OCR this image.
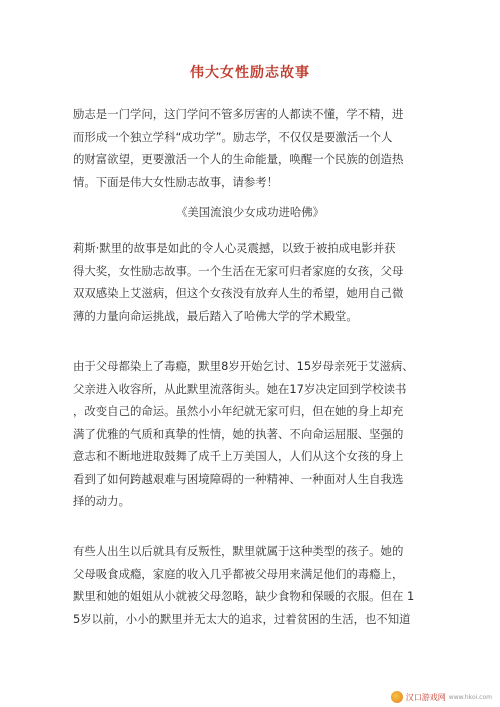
伟大女性励志故事

励志是一门学问，这门学问不管多厉害的人都读不懂，学不精，进
而形成一个独立学科“成功学”。励志学，不仅仅是要激活一个人
的财富欲望，更要激活一个人的生命能量，唤醒一个民族的创造热
情。下面是伟大女性励志故事，请参考！

《美国流浪少女成功进哈佛》

莉斯·默里的故事是如此的令人心灵震撼，以致于被拍成电影并获
得大奖，女性励志故事。一个生活在无家可归者家庭的女孩，父母
双双感染上艾滋病，但这个女孩没有放弃人生的希望，她用自己微
薄的力量向命运挑战，最后踏入了哈佛大学的学术殿堂。

由于父母都染上了毒瘾，默里8岁开始乞讨、15岁母亲死于艾滋病、
父亲进入收容所，从此默里流落街头。她在17岁决定回到学校读书
，改变自己的命运。虽然小小年纪就无家可归，但在她的身上却充
满了优雅的气质和真挚的性情，她的执著、不向命运屈服、坚强的
意志和不断地进取鼓舞了成千上万美国人，人们从这个女孩的身上
看到了如何跨越艰难与困境障碍的一种精神、一种面对人生自我选
择的动力。

有些人出生以后就具有反叛性，默里就属于这种类型的孩子。她的
父母吸食成瘾，家庭的收入几乎都被父母用来满足他们的毒瘾上，
默里和她的姐姐从小就被父母忽略，缺少食物和保暖的衣服。但在 1
5岁以前，小小的默里并无太大的追求，过着贫困的生活，也不知道

汉口游戏网 www.hkoi.com
